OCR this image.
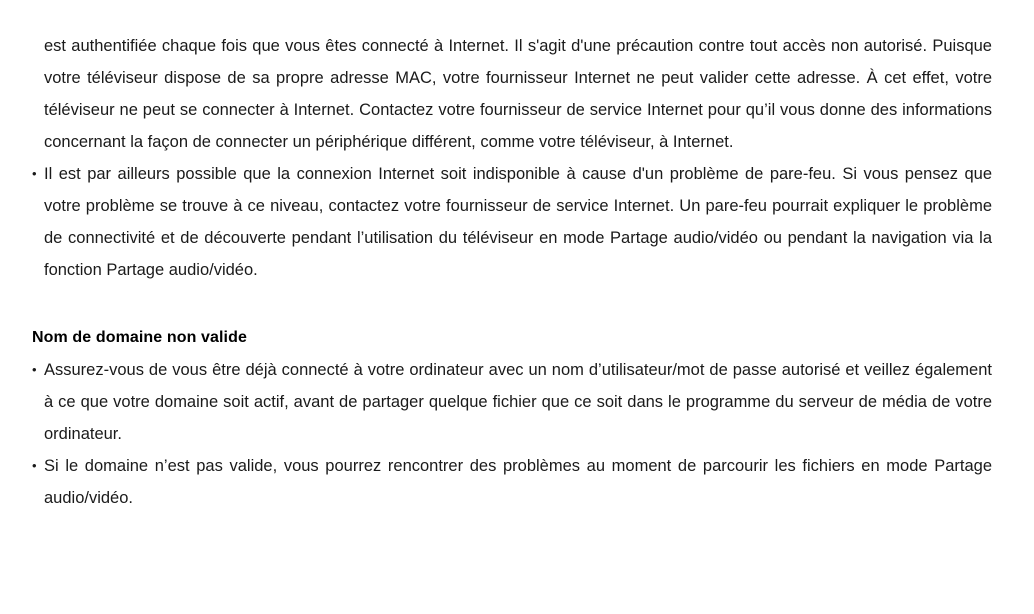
est authentifiée chaque fois que vous êtes connecté à Internet. Il s'agit d'une précaution contre tout accès non autorisé. Puisque votre téléviseur dispose de sa propre adresse MAC, votre fournisseur Internet ne peut valider cette adresse. À cet effet, votre téléviseur ne peut se connecter à Internet. Contactez votre fournisseur de service Internet pour qu’il vous donne des informations concernant la façon de connecter un périphérique différent, comme votre téléviseur, à Internet.

• Il est par ailleurs possible que la connexion Internet soit indisponible à cause d'un problème de pare-feu. Si vous pensez que votre problème se trouve à ce niveau, contactez votre fournisseur de service Internet. Un pare-feu pourrait expliquer le problème de connectivité et de découverte pendant l’utilisation du téléviseur en mode Partage audio/vidéo ou pendant la navigation via la fonction Partage audio/vidéo.

Nom de domaine non valide

• Assurez-vous de vous être déjà connecté à votre ordinateur avec un nom d’utilisateur/mot de passe autorisé et veillez également à ce que votre domaine soit actif, avant de partager quelque fichier que ce soit dans le programme du serveur de média de votre ordinateur.
• Si le domaine n’est pas valide, vous pourrez rencontrer des problèmes au moment de parcourir les fichiers en mode Partage audio/vidéo.
